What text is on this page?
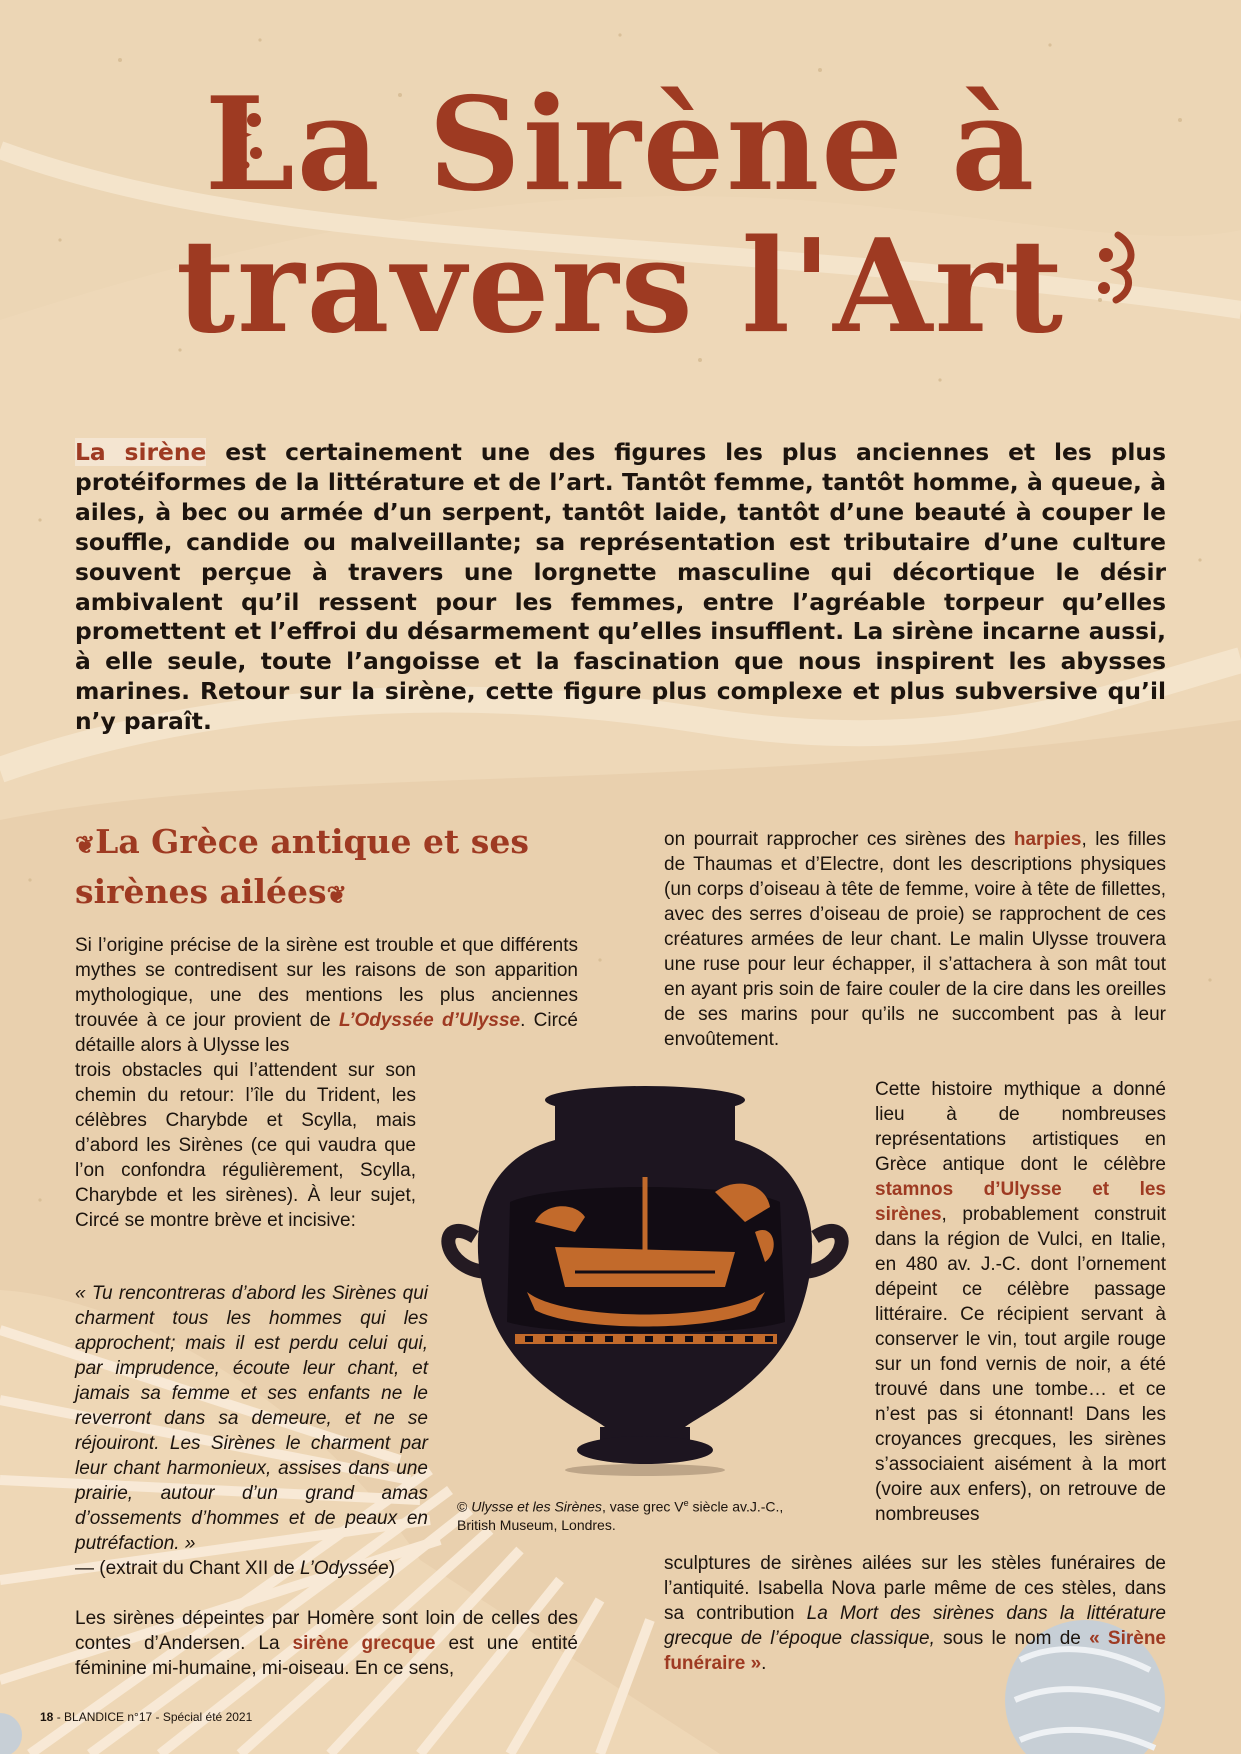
La Sirène à
travers l'Art

La sirène est certainement une des figures les plus anciennes et les plus protéiformes de la littérature et de l’art. Tantôt femme, tantôt homme, à queue, à ailes, à bec ou armée d’un serpent, tantôt laide, tantôt d’une beauté à couper le souffle, candide ou malveillante; sa représentation est tributaire d’une culture souvent perçue à travers une lorgnette masculine qui décortique le désir ambivalent qu’il ressent pour les femmes, entre l’agréable torpeur qu’elles promettent et l’effroi du désarmement qu’elles insufflent. La sirène incarne aussi, à elle seule, toute l’angoisse et la fascination que nous inspirent les abysses marines. Retour sur la sirène, cette figure plus complexe et plus subversive qu’il n’y paraît.

❦La Grèce antique et ses sirènes ailées❦

Si l’origine précise de la sirène est trouble et que différents mythes se contredisent sur les raisons de son apparition mythologique, une des mentions les plus anciennes trouvée à ce jour provient de L’Odyssée d’Ulysse. Circé détaille alors à Ulysse les

trois obstacles qui l’attendent sur son chemin du retour: l’île du Trident, les célèbres Charybde et Scylla, mais d’abord les Sirènes (ce qui vaudra que l’on confondra régulièrement, Scylla, Charybde et les sirènes). À leur sujet, Circé se montre brève et incisive:

« Tu rencontreras d’abord les Sirènes qui charment tous les hommes qui les approchent; mais il est perdu celui qui, par imprudence, écoute leur chant, et jamais sa femme et ses enfants ne le reverront dans sa demeure, et ne se réjouiront. Les Sirènes le charment par leur chant harmonieux, assises dans une prairie, autour d’un grand amas d’ossements d’hommes et de peaux en putréfaction. »

— (extrait du Chant XII de L’Odyssée)

Les sirènes dépeintes par Homère sont loin de celles des contes d’Andersen. La sirène grecque est une entité féminine mi-humaine, mi-oiseau. En ce sens,

on pourrait rapprocher ces sirènes des harpies, les filles de Thaumas et d’Electre, dont les descriptions physiques (un corps d’oiseau à tête de femme, voire à tête de fillettes, avec des serres d’oiseau de proie) se rapprochent de ces créatures armées de leur chant. Le malin Ulysse trouvera une ruse pour leur échapper, il s’attachera à son mât tout en ayant pris soin de faire couler de la cire dans les oreilles de ses marins pour qu’ils ne succombent pas à leur envoûtement.

Cette histoire mythique a donné lieu à de nombreuses représentations artistiques en Grèce antique dont le célèbre stamnos d’Ulysse et les sirènes, probablement construit dans la région de Vulci, en Italie, en 480 av. J.-C. dont l’ornement dépeint ce célèbre passage littéraire. Ce récipient servant à conserver le vin, tout argile rouge sur un fond vernis de noir, a été trouvé dans une tombe… et ce n’est pas si étonnant! Dans les croyances grecques, les sirènes s’associaient aisément à la mort (voire aux enfers), on retrouve de nombreuses

sculptures de sirènes ailées sur les stèles funéraires de l’antiquité. Isabella Nova parle même de ces stèles, dans sa contribution La Mort des sirènes dans la littérature grecque de l’époque classique, sous le nom de « Sirène funéraire ».

© Ulysse et les Sirènes, vase grec Ve siècle av.J.-C., British Museum, Londres.

18 - BLANDICE n°17 - Spécial été 2021
